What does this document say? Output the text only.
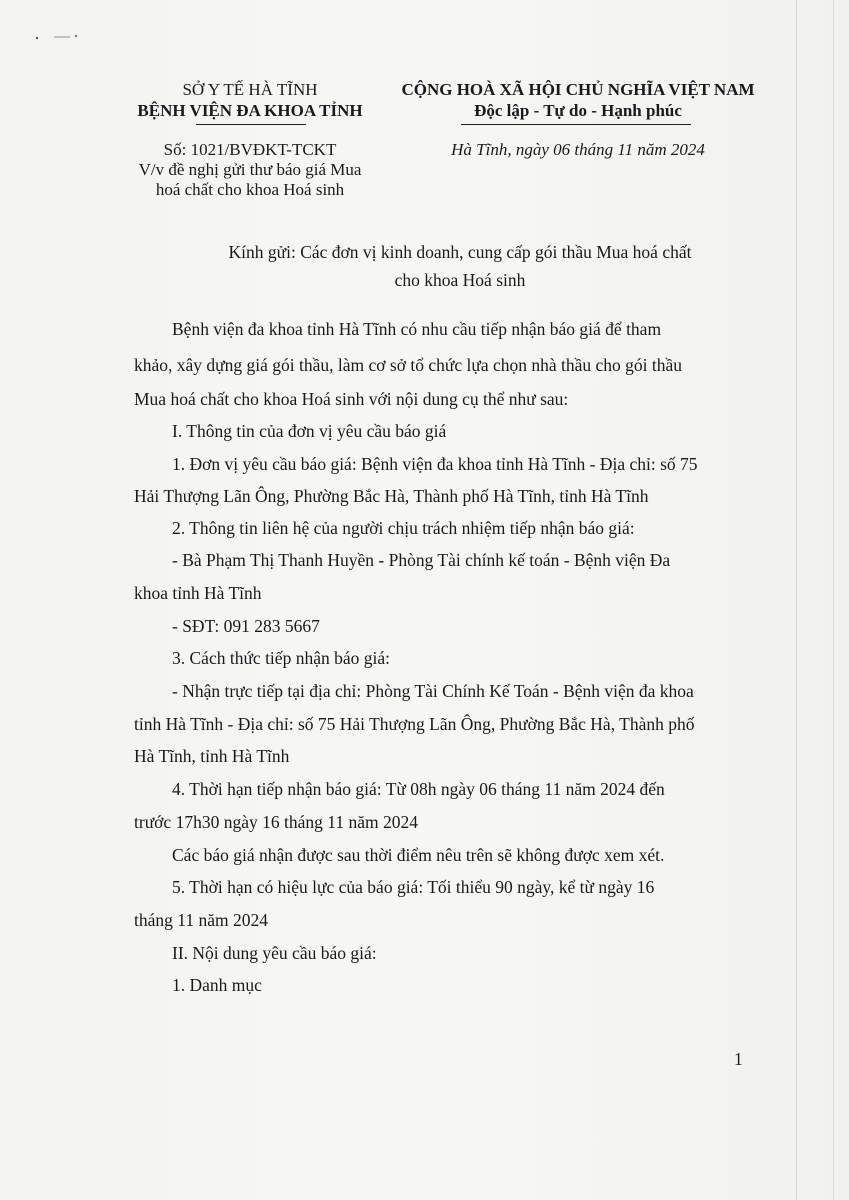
SỞ Y TẾ HÀ TĨNH
BỆNH VIỆN ĐA KHOA TỈNH
Số: 1021/BVĐKT-TCKT
V/v đề nghị gửi thư báo giá Mua
hoá chất cho khoa Hoá sinh
CỘNG HOÀ XÃ HỘI CHỦ NGHĨA VIỆT NAM
Độc lập - Tự do - Hạnh phúc
Hà Tĩnh, ngày 06 tháng 11 năm 2024
Kính gửi: Các đơn vị kinh doanh, cung cấp gói thầu Mua hoá chất
cho khoa Hoá sinh
Bệnh viện đa khoa tỉnh Hà Tĩnh có nhu cầu tiếp nhận báo giá để tham
khảo, xây dựng giá gói thầu, làm cơ sở tổ chức lựa chọn nhà thầu cho gói thầu
Mua hoá chất cho khoa Hoá sinh với nội dung cụ thể như sau:
I. Thông tin của đơn vị yêu cầu báo giá
1. Đơn vị yêu cầu báo giá: Bệnh viện đa khoa tỉnh Hà Tĩnh - Địa chỉ: số 75
Hải Thượng Lãn Ông, Phường Bắc Hà, Thành phố Hà Tĩnh, tỉnh Hà Tĩnh
2. Thông tin liên hệ của người chịu trách nhiệm tiếp nhận báo giá:
- Bà Phạm Thị Thanh Huyền - Phòng Tài chính kế toán - Bệnh viện Đa
khoa tỉnh Hà Tĩnh
- SĐT: 091 283 5667
3. Cách thức tiếp nhận báo giá:
- Nhận trực tiếp tại địa chỉ: Phòng Tài Chính Kế Toán - Bệnh viện đa khoa
tỉnh Hà Tĩnh - Địa chỉ: số 75 Hải Thượng Lãn Ông, Phường Bắc Hà, Thành phố
Hà Tĩnh, tỉnh Hà Tĩnh
4. Thời hạn tiếp nhận báo giá: Từ 08h ngày 06 tháng 11 năm 2024 đến
trước 17h30 ngày 16 tháng 11 năm 2024
Các báo giá nhận được sau thời điểm nêu trên sẽ không được xem xét.
5. Thời hạn có hiệu lực của báo giá: Tối thiểu 90 ngày, kể từ ngày 16
tháng 11 năm 2024
II. Nội dung yêu cầu báo giá:
1. Danh mục
1
